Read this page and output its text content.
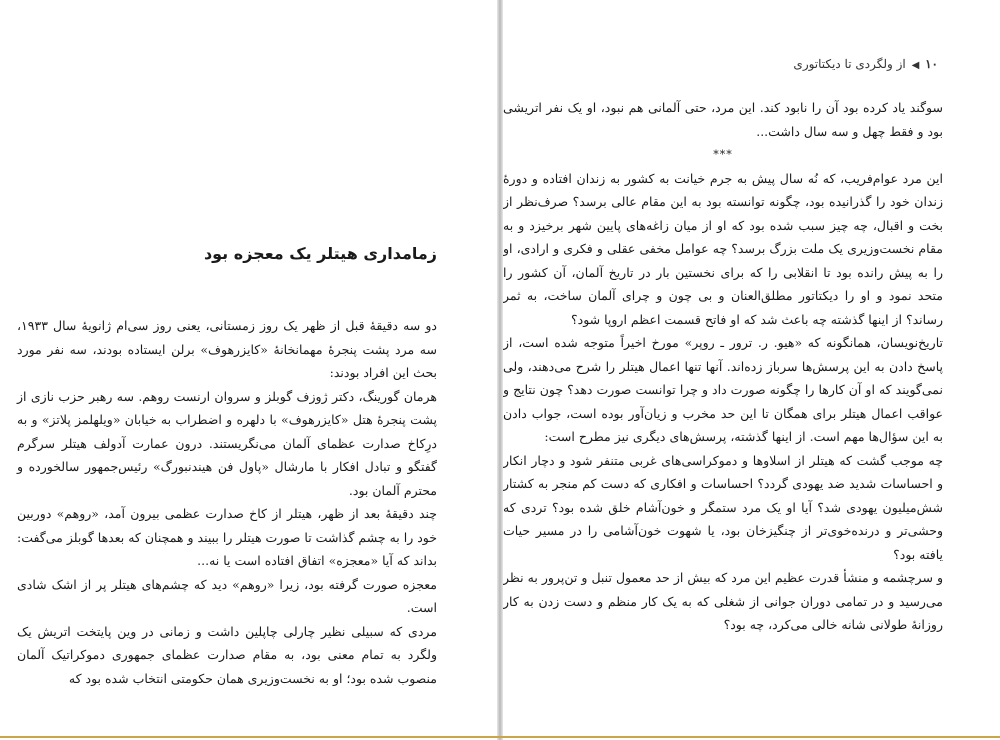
زمامداری هیتلر یک معجزه بود

دو سه دقیقهٔ قبل از ظهر یک روز زمستانی، یعنی روز سی‌ام ژانویهٔ سال ۱۹۳۳، سه مرد پشت پنجرهٔ مهمانخانهٔ «کایزرهوف» برلن ایستاده بودند، سه نفر مورد بحث این افراد بودند:

هرمان گورینگ، دکتر ژوزف گوبلز و سروان ارنست روهم. سه رهبر حزب نازی از پشت پنجرهٔ هتل «کایزرهوف» با دلهره و اضطراب به خیابان «ویلهلمز پلاتز» و به درِکاخ صدارت عظمای آلمان می‌نگریستند. درون عمارت آدولف هیتلر سرگرم گفتگو و تبادل افکار با مارشال «پاول فن هیندنبورگ» رئیس‌جمهور سالخورده و محترم آلمان بود.

چند دقیقهٔ بعد از ظهر، هیتلر از کاخ صدارت عظمی بیرون آمد، «روهم» دوربین خود را به چشم گذاشت تا صورت هیتلر را ببیند و همچنان که بعدها گوبلز می‌گفت: بداند که آیا «معجزه» اتفاق افتاده است یا نه...

معجزه صورت گرفته بود، زیرا «روهم» دید که چشم‌های هیتلر پر از اشک شادی است.

مردی که سبیلی نظیر چارلی چاپلین داشت و زمانی در وین پایتخت اتریش یک ولگرد به تمام معنی بود، به مقام صدارت عظمای جمهوری دموکراتیک آلمان منصوب شده بود؛ او به نخست‌وزیری همان حکومتی انتخاب شده بود که

۱۰ ◀ از ولگردی تا دیکتاتوری

سوگند یاد کرده بود آن را نابود کند. این مرد، حتی آلمانی هم نبود، او یک نفر اتریشی بود و فقط چهل و سه سال داشت...

***

این مرد عوام‌فریب، که نُه سال پیش به جرم خیانت به کشور به زندان افتاده و دورهٔ زندان خود را گذرانیده بود، چگونه توانسته بود به این مقام عالی برسد؟ صرف‌نظر از بخت و اقبال، چه چیز سبب شده بود که او از میان زاغه‌های پایین شهر برخیزد و به مقام نخست‌وزیری یک ملت بزرگ برسد؟ چه عوامل مخفی عقلی و فکری و ارادی، او را به پیش رانده بود تا انقلابی را که برای نخستین بار در تاریخ آلمان، آن کشور را متحد نمود و او را دیکتاتور مطلق‌العنان و بی چون و چرای آلمان ساخت، به ثمر رساند؟ از اینها گذشته چه باعث شد که او فاتح قسمت اعظم اروپا شود؟

تاریخ‌نویسان، همانگونه که «هیو. ر. ترور ـ روپر» مورخ اخیراً متوجه شده است، از پاسخ دادن به این پرسش‌ها سرباز زده‌اند. آنها تنها اعمال هیتلر را شرح می‌دهند، ولی نمی‌گویند که او آن کارها را چگونه صورت داد و چرا توانست صورت دهد؟ چون نتایج و عواقب اعمال هیتلر برای همگان تا این حد مخرب و زیان‌آور بوده است، جواب دادن به این سؤال‌ها مهم است. از اینها گذشته، پرسش‌های دیگری نیز مطرح است:

چه موجب گشت که هیتلر از اسلاوها و دموکراسی‌های غربی متنفر شود و دچار انکار و احساسات شدید ضد یهودی گردد؟ احساسات و افکاری که دست کم منجر به کشتار شش‌میلیون یهودی شد؟ آیا او یک مرد ستمگر و خون‌آشام خلق شده بود؟ تردی که وحشی‌تر و درنده‌خوی‌تر از چنگیزخان بود، یا شهوت خون‌آشامی را در مسیر حیات یافته بود؟

و سرچشمه و منشأ قدرت عظیم این مرد که بیش از حد معمول تنبل و تن‌پرور به نظر می‌رسید و در تمامی دوران جوانی از شغلی که به یک کار منظم و دست زدن به کار روزانهٔ طولانی شانه خالی می‌کرد، چه بود؟
